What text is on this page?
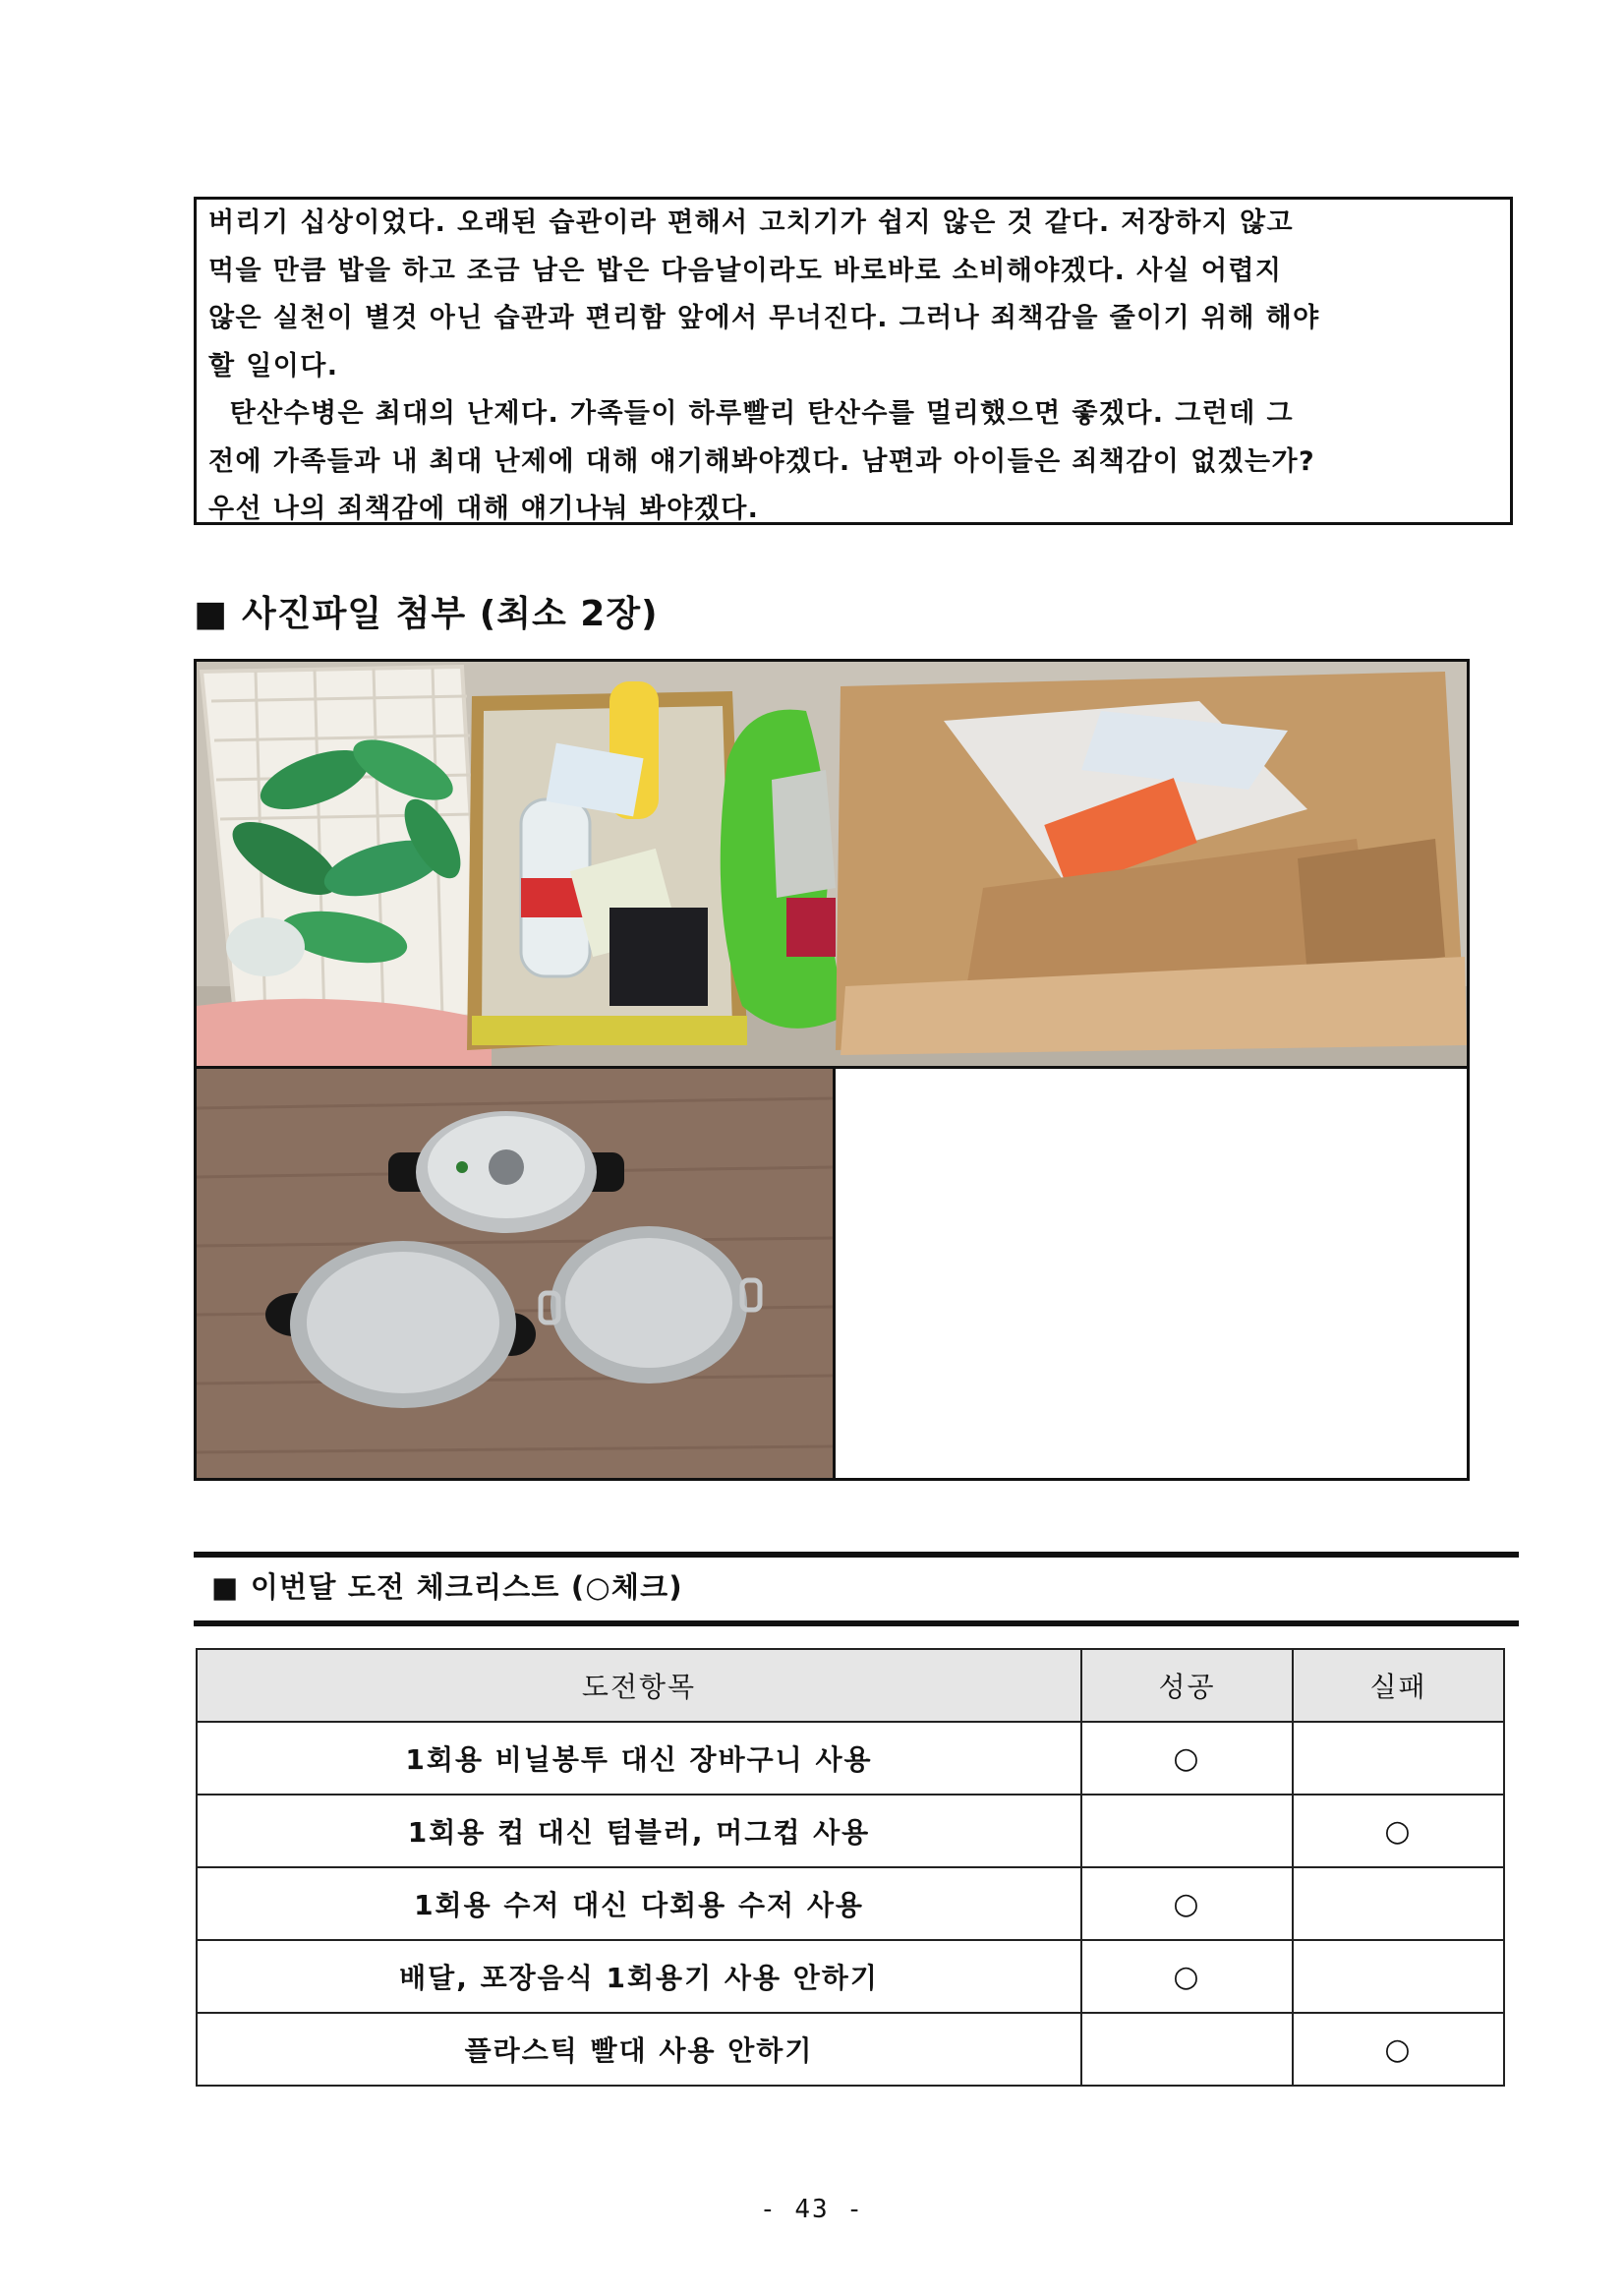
버리기 십상이었다. 오래된 습관이라 편해서 고치기가 쉽지 않은 것 같다. 저장하지 않고

먹을 만큼 밥을 하고 조금 남은 밥은 다음날이라도 바로바로 소비해야겠다. 사실 어렵지

않은 실천이 별것 아닌 습관과 편리함 앞에서 무너진다. 그러나 죄책감을 줄이기 위해 해야

할 일이다.

탄산수병은 최대의 난제다. 가족들이 하루빨리 탄산수를 멀리했으면 좋겠다. 그런데 그

전에 가족들과 내 최대 난제에 대해 얘기해봐야겠다. 남편과 아이들은 죄책감이 없겠는가?

우선 나의 죄책감에 대해 얘기나눠 봐야겠다.

■ 사진파일 첨부 (최소 2장)
■ 이번달 도전 체크리스트 (○체크)
도전항목	성공	실패
1회용 비닐봉투 대신 장바구니 사용	○	
1회용 컵 대신 텀블러, 머그컵 사용		○
1회용 수저 대신 다회용 수저 사용	○	
배달, 포장음식 1회용기 사용 안하기	○	
플라스틱 빨대 사용 안하기		○
- 43 -
